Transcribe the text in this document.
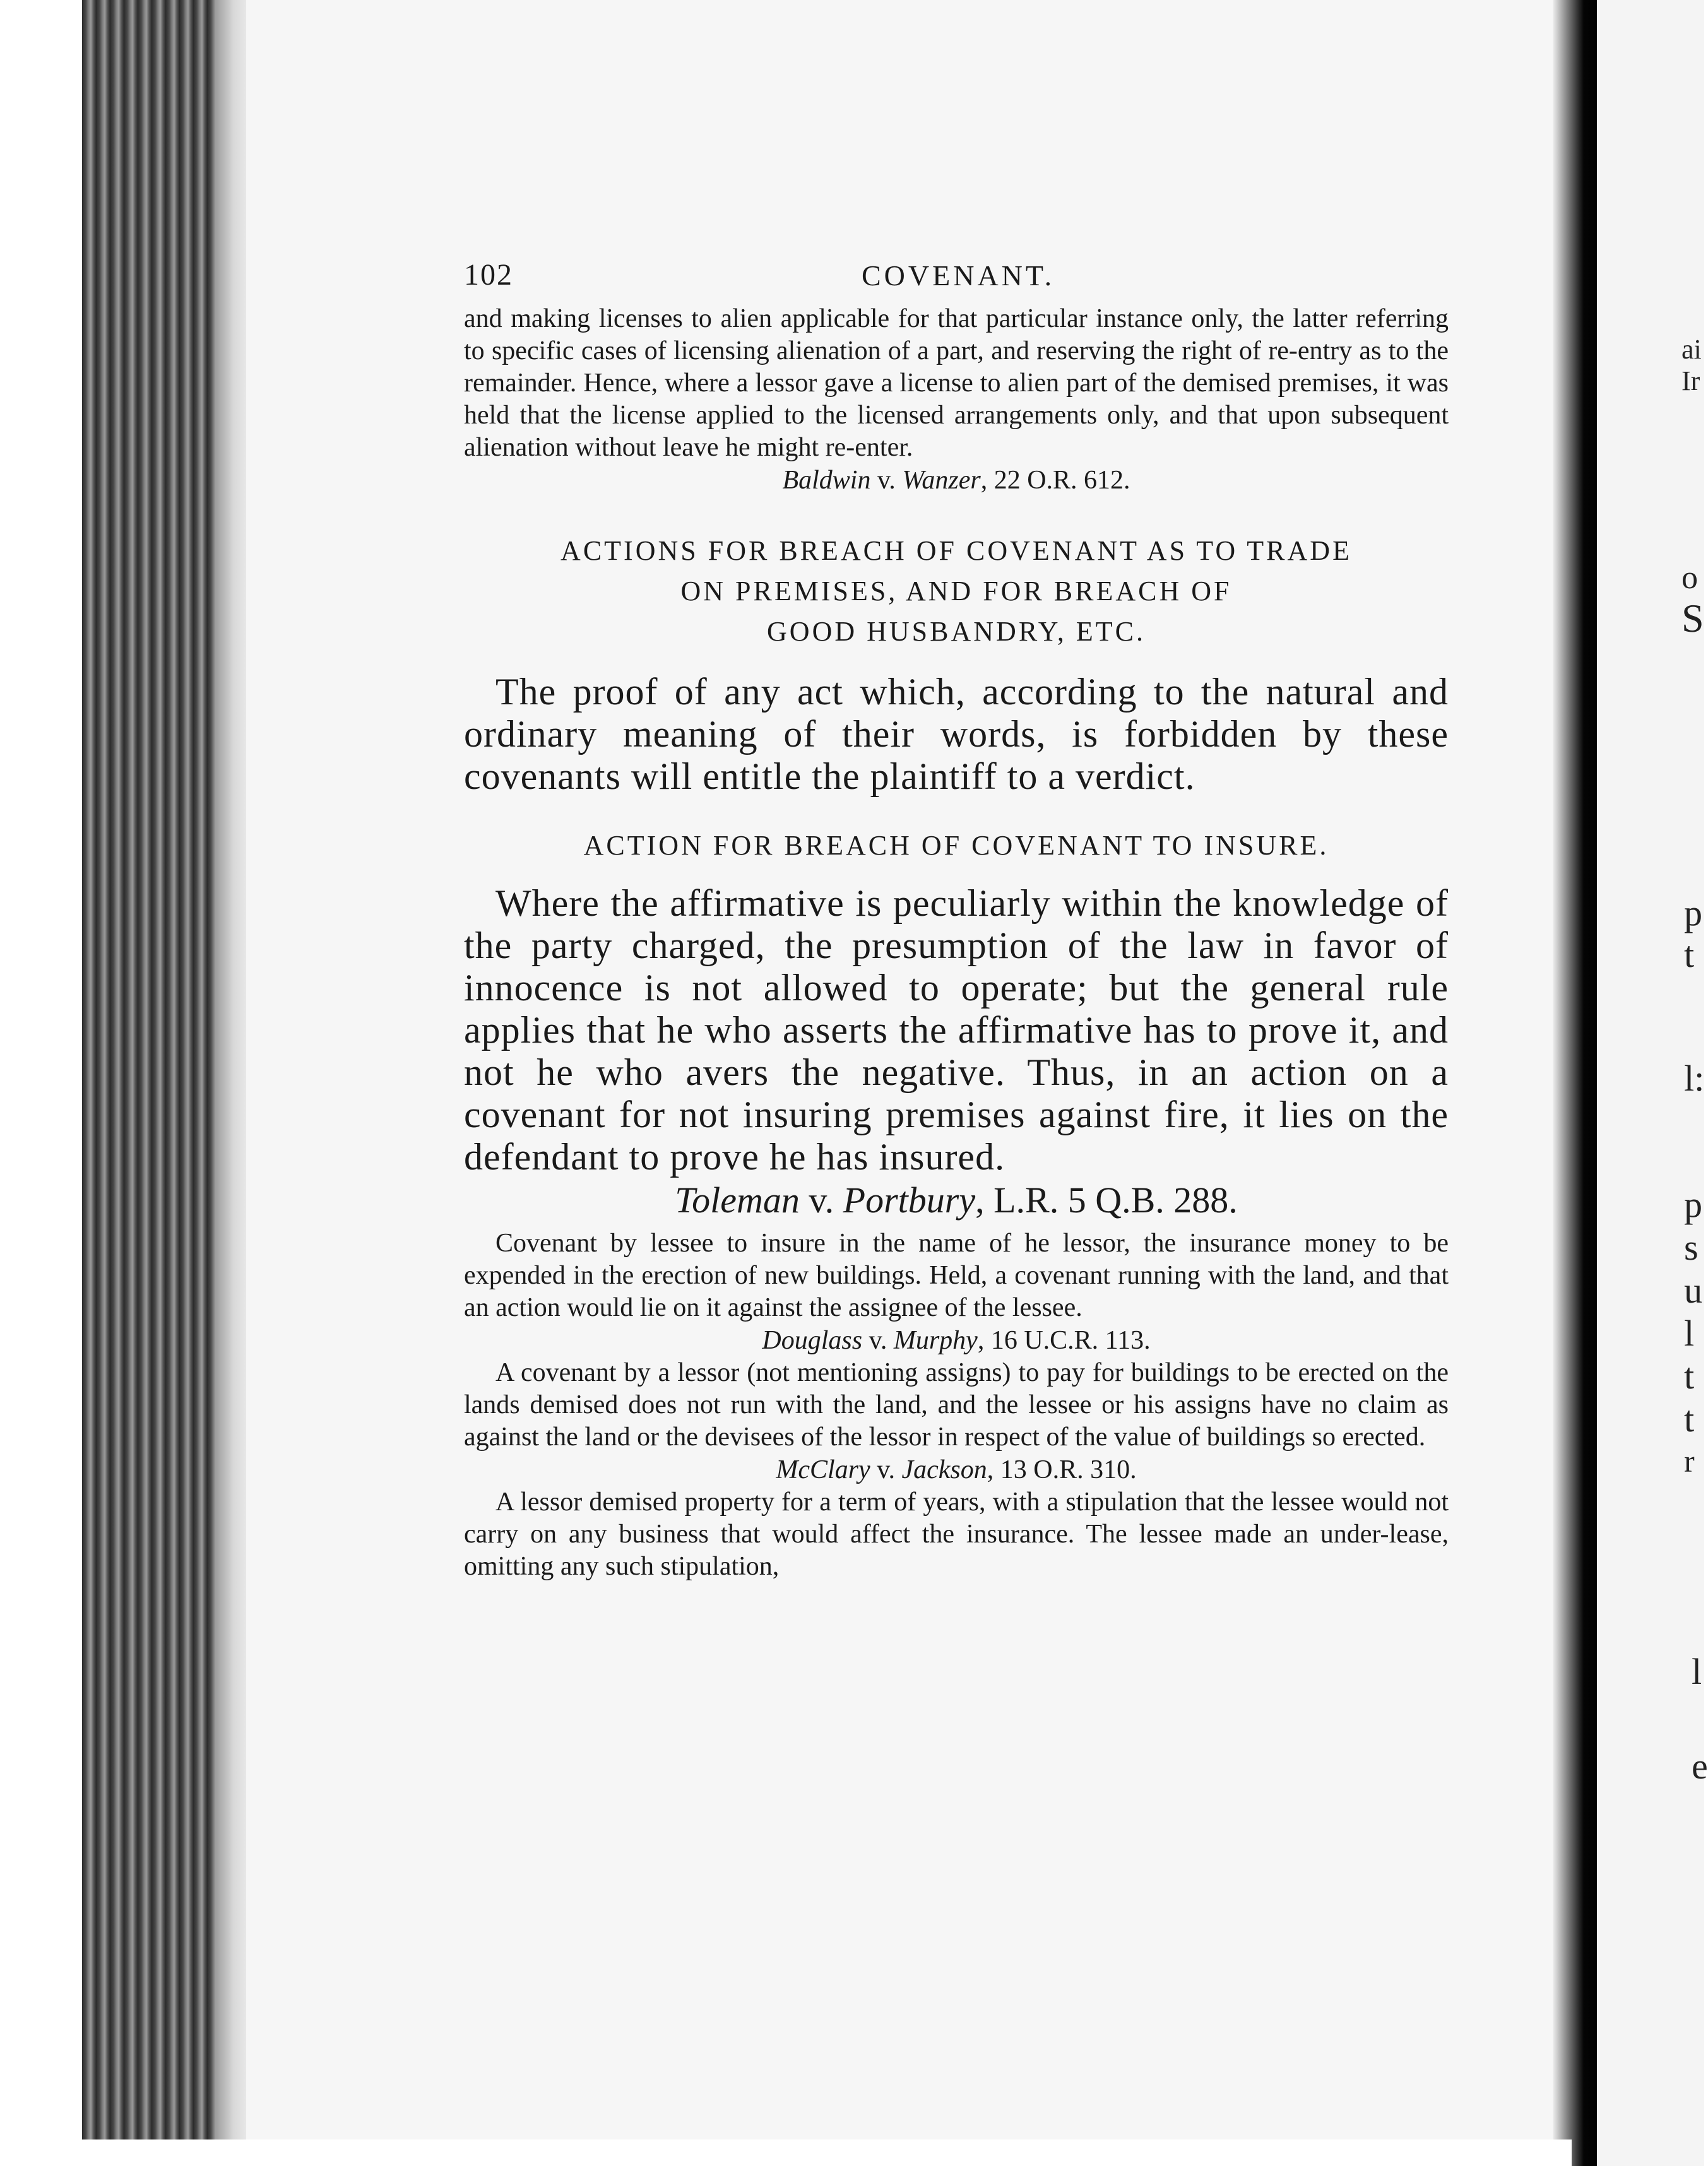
ai
Ir
o
S
p
t
l:
p
s
u
l
t
t
r
l
e
102	COVENANT.

and making licenses to alien applicable for that particular instance only, the latter referring to specific cases of licensing alienation of a part, and reserving the right of re-entry as to the remainder. Hence, where a lessor gave a license to alien part of the demised premises, it was held that the license applied to the licensed arrangements only, and that upon subsequent alienation without leave he might re-enter.

Baldwin v. Wanzer, 22 O.R. 612.

ACTIONS FOR BREACH OF COVENANT AS TO TRADE
ON PREMISES, AND FOR BREACH OF
GOOD HUSBANDRY, ETC.

The proof of any act which, according to the natural and ordinary meaning of their words, is forbidden by these covenants will entitle the plaintiff to a verdict.

ACTION FOR BREACH OF COVENANT TO INSURE.

Where the affirmative is peculiarly within the knowledge of the party charged, the presumption of the law in favor of innocence is not allowed to operate; but the general rule applies that he who asserts the affirmative has to prove it, and not he who avers the negative. Thus, in an action on a covenant for not insuring premises against fire, it lies on the defendant to prove he has insured.

Toleman v. Portbury, L.R. 5 Q.B. 288.

Covenant by lessee to insure in the name of he lessor, the insurance money to be expended in the erection of new buildings. Held, a covenant running with the land, and that an action would lie on it against the assignee of the lessee.

Douglass v. Murphy, 16 U.C.R. 113.

A covenant by a lessor (not mentioning assigns) to pay for buildings to be erected on the lands demised does not run with the land, and the lessee or his assigns have no claim as against the land or the devisees of the lessor in respect of the value of buildings so erected.

McClary v. Jackson, 13 O.R. 310.

A lessor demised property for a term of years, with a stipulation that the lessee would not carry on any business that would affect the insurance. The lessee made an under-lease, omitting any such stipulation,
